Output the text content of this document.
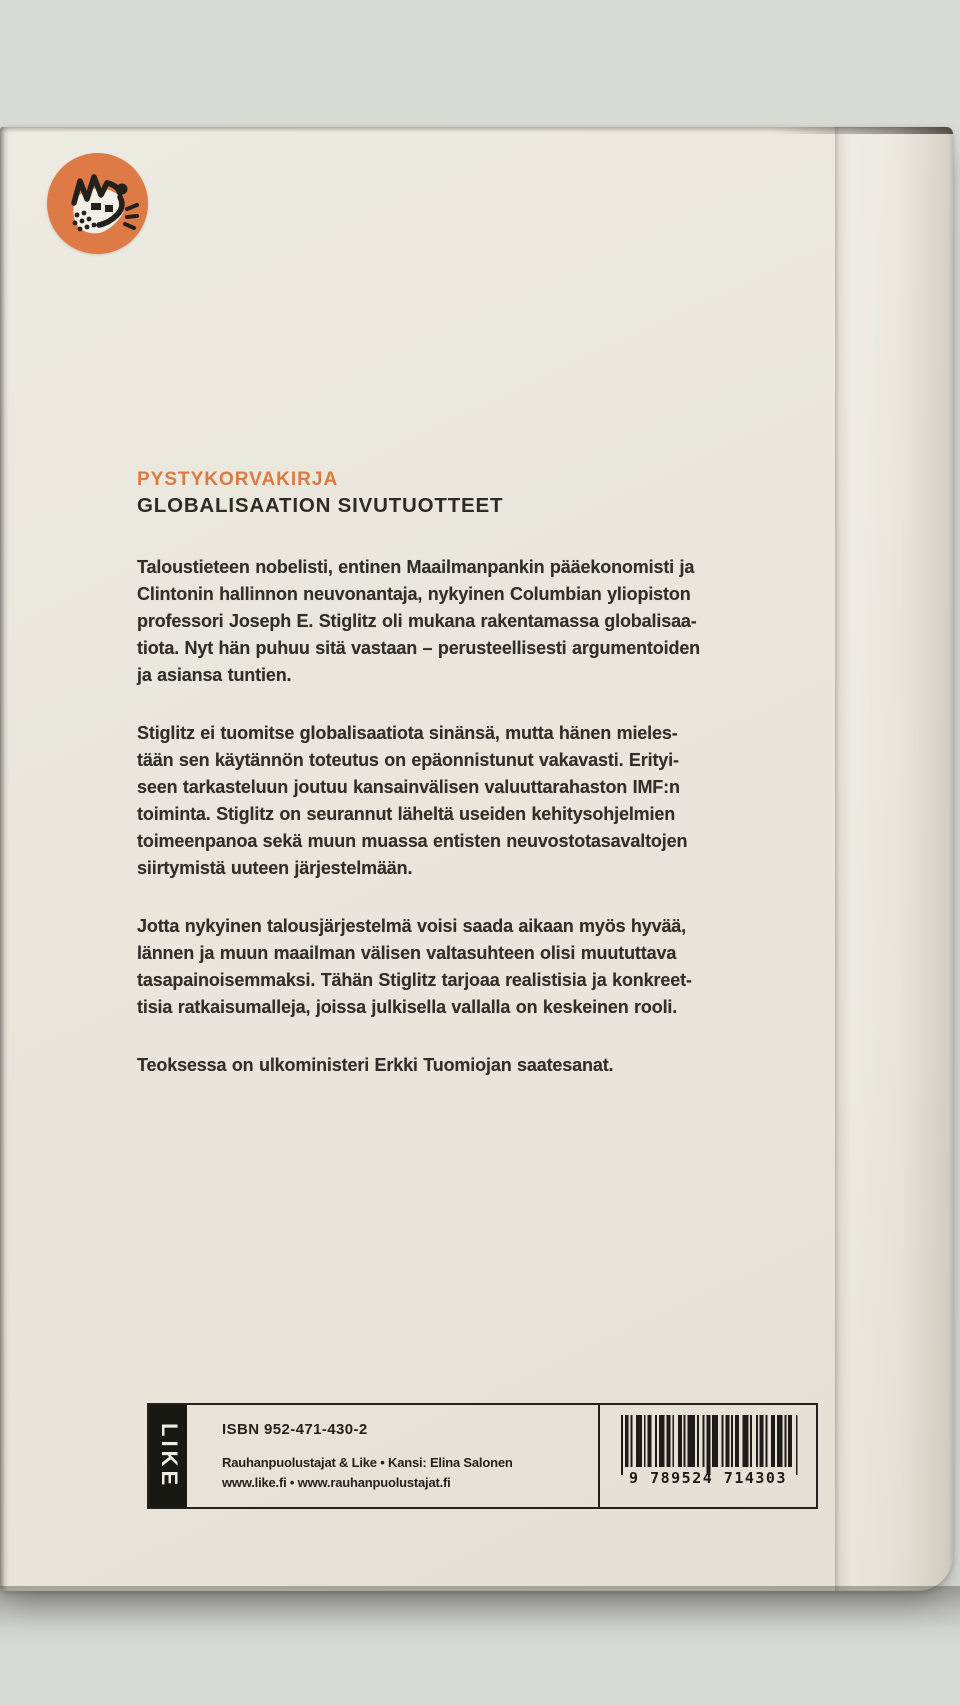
PYSTYKORVAKIRJA
GLOBALISAATION SIVUTUOTTEET
Taloustieteen nobelisti, entinen Maailmanpankin pääekonomisti ja
Clintonin hallinnon neuvonantaja, nykyinen Columbian yliopiston
professori Joseph E. Stiglitz oli mukana rakentamassa globalisaa-
tiota. Nyt hän puhuu sitä vastaan – perusteellisesti argumentoiden
ja asiansa tuntien.
Stiglitz ei tuomitse globalisaatiota sinänsä, mutta hänen mieles-
tään sen käytännön toteutus on epäonnistunut vakavasti. Erityi-
seen tarkasteluun joutuu kansainvälisen valuuttarahaston IMF:n
toiminta. Stiglitz on seurannut läheltä useiden kehitysohjelmien
toimeenpanoa sekä muun muassa entisten neuvostotasavaltojen
siirtymistä uuteen järjestelmään.
Jotta nykyinen talousjärjestelmä voisi saada aikaan myös hyvää,
lännen ja muun maailman välisen valtasuhteen olisi muututtava
tasapainoisemmaksi. Tähän Stiglitz tarjoaa realistisia ja konkreet-
tisia ratkaisumalleja, joissa julkisella vallalla on keskeinen rooli.
Teoksessa on ulkoministeri Erkki Tuomiojan saatesanat.
LIKE	ISBN 952-471-430-2
Rauhanpuolustajat & Like • Kansi: Elina Salonen
www.like.fi • www.rauhanpuolustajat.fi	9 789524 714303
